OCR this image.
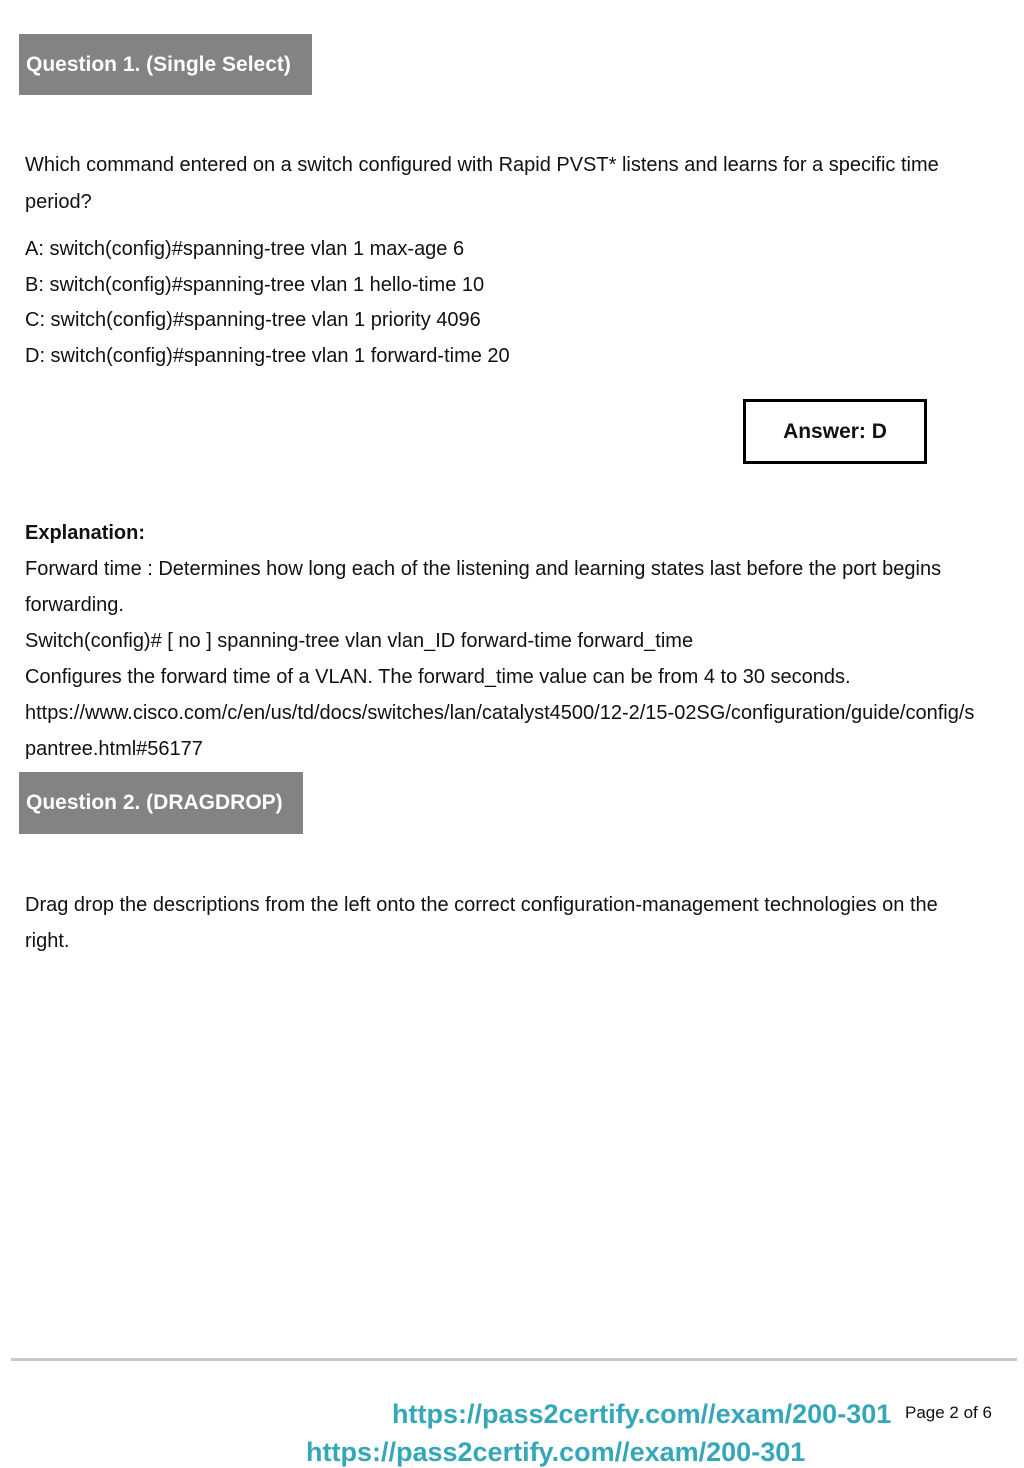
Question 1. (Single Select)
Which command entered on a switch configured with Rapid PVST* listens and learns for a specific time period?
A: switch(config)#spanning-tree vlan 1 max-age 6
B: switch(config)#spanning-tree vlan 1 hello-time 10
C: switch(config)#spanning-tree vlan 1 priority 4096
D: switch(config)#spanning-tree vlan 1 forward-time 20
Answer: D
Explanation:
Forward time : Determines how long each of the listening and learning states last before the port begins forwarding.
Switch(config)# [ no ] spanning-tree vlan vlan_ID forward-time forward_time
Configures the forward time of a VLAN. The forward_time value can be from 4 to 30 seconds.
https://www.cisco.com/c/en/us/td/docs/switches/lan/catalyst4500/12-2/15-02SG/configuration/guide/config/spantree.html#56177
Question 2. (DRAGDROP)
Drag drop the descriptions from the left onto the correct configuration-management technologies on the right.
https://pass2certify.com//exam/200-301 Page 2 of 6
https://pass2certify.com//exam/200-301
